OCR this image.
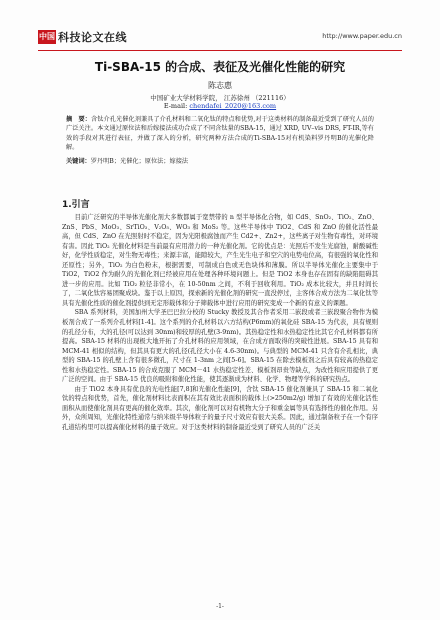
中国 科技论文在线	http://www.paper.edu.cn
Ti-SBA-15 的合成、表征及光催化性能的研究
陈志惠
中国矿业大学材料学院， 江苏徐州 （221116）
E-mail: chendafei_2020@163.com
摘　要：含钛介孔光催化剂兼具了介孔材料和二氧化钛的特点和优势,对于这类材料的制备最近受到了研究人员的广泛关注。本文通过原位法和后嫁接法成功合成了不同含钛量的SBA-15，通过 XRD, UV–vis DRS, FT-IR,等有效的手段对其进行表征，并做了深入的分析，研究两种方法合成的Ti-SBA-15对有机染料罗丹明B的光催化降解。
关键词：罗丹明B；光催化；原位法；嫁接法
1.引言

目前广泛研究的半导体光催化剂大多数都属于宽禁带的 n 型半导体化合物，如 CdS、SnO₂、TiO₂、ZnO、ZnS、PbS、MoO₃、SrTiO₃、V₂O₅、WO₃ 和 MoS₂ 等。这些半导体中 TiO2、CdS 和 ZnO 的催化活性最高，但 CdS、ZnO 在光照射时不稳定，因为光阳极腐蚀而产生 Cd2+、Zn2+，这些离子对生物有毒性，对环境有害。因此 TiO₂ 光催化材料是当前最有应用潜力的一种光催化剂。它的优点是：光照后不发生光腐蚀，耐酸碱性好，化学性质稳定，对生物无毒性；来源丰富，能隙较大，产生光生电子和空穴的电势电位高，有很强的氧化性和还原性；另外，TiO₂ 为白色粉末，根据需要，可制成白色或无色块体和薄膜。所以半导体光催化主要集中于 TiO2，TiO2 作为耐久的光催化剂已经被应用在处理各种环境问题上。但是 TiO2 本身也存在固有的缺陷阻碍其进一步的应用。比如 TiO₂ 粒径非常小，在 10-50nm 之间，不利于回收利用。TiO₂ 成本比较大，并且时间长了，二氧化钛容易团聚成块。鉴于以上原因，探索新的光催化剂的研究一直没停过，主客体合成方法为二氧化钛等具有光催化性质的催化剂提供到无定形载体和分子筛载体中进行应用的研究变成一个新的有意义的课题。

SBA 系列材料，美国加州大学圣巴巴拉分校的 Stucky 教授及其合作者采用二嵌段或者三嵌段聚合物作为模板剂合成了一系列介孔材料[1-4]。这个系列的介孔材料以六方结构(P6mm)的氧化硅 SBA-15 为代表，具有规则的孔径分布，大的孔径(可以达到 30nm)和较厚的孔壁(3-9nm)。其热稳定性和水热稳定性比其它介孔材料都有所提高。SBA-15 材料的出现极大地开拓了介孔材料的应用领域，在合成方面取得的突破性进展。SBA-15 具有和 MCM-41 相似的结构，但其具有更大的孔径(孔径大小在 4.6-30nm)。与典型的 MCM-41 只含有介孔相比，典型的 SBA-15 的孔壁上含有很多微孔，尺寸在 1-3nm 之间[5-6]。SBA-15 在除去模板剂之后具有较高的热稳定性和水热稳定性。SBA-15 的合成克服了 MCM－41 水热稳定性差、模板剂昂贵等缺点，为改性和应用提供了更广泛的空间。由于 SBA-15 优良的吸附和催化性能，使其逐渐成为材料、化学、物理等学科的研究热点。

由于 TiO2 本身具有优良的光电性能[7,8]和光催化性能[9]，含钛 SBA-15 催化剂兼具了 SBA-15 和二氧化钛的特点和优势，首先，催化剂材料比表面积在其有效比表面积的载体上(>250m2/g) 增加了有效的光催化活性面积从而使催化剂具有更高的催化效率。其次，催化剂可以对有机物大分子和重金属等具有选择性的催化作用。另外，众所周知，光催化特性通常与纳米级半导体粒子的量子尺寸效应有很大关系。因此，通过制备粒子在一个有序孔道结构里可以提高催化材料的量子效应。对于这类材料的制备最近受到了研究人员的广泛关

-1-
